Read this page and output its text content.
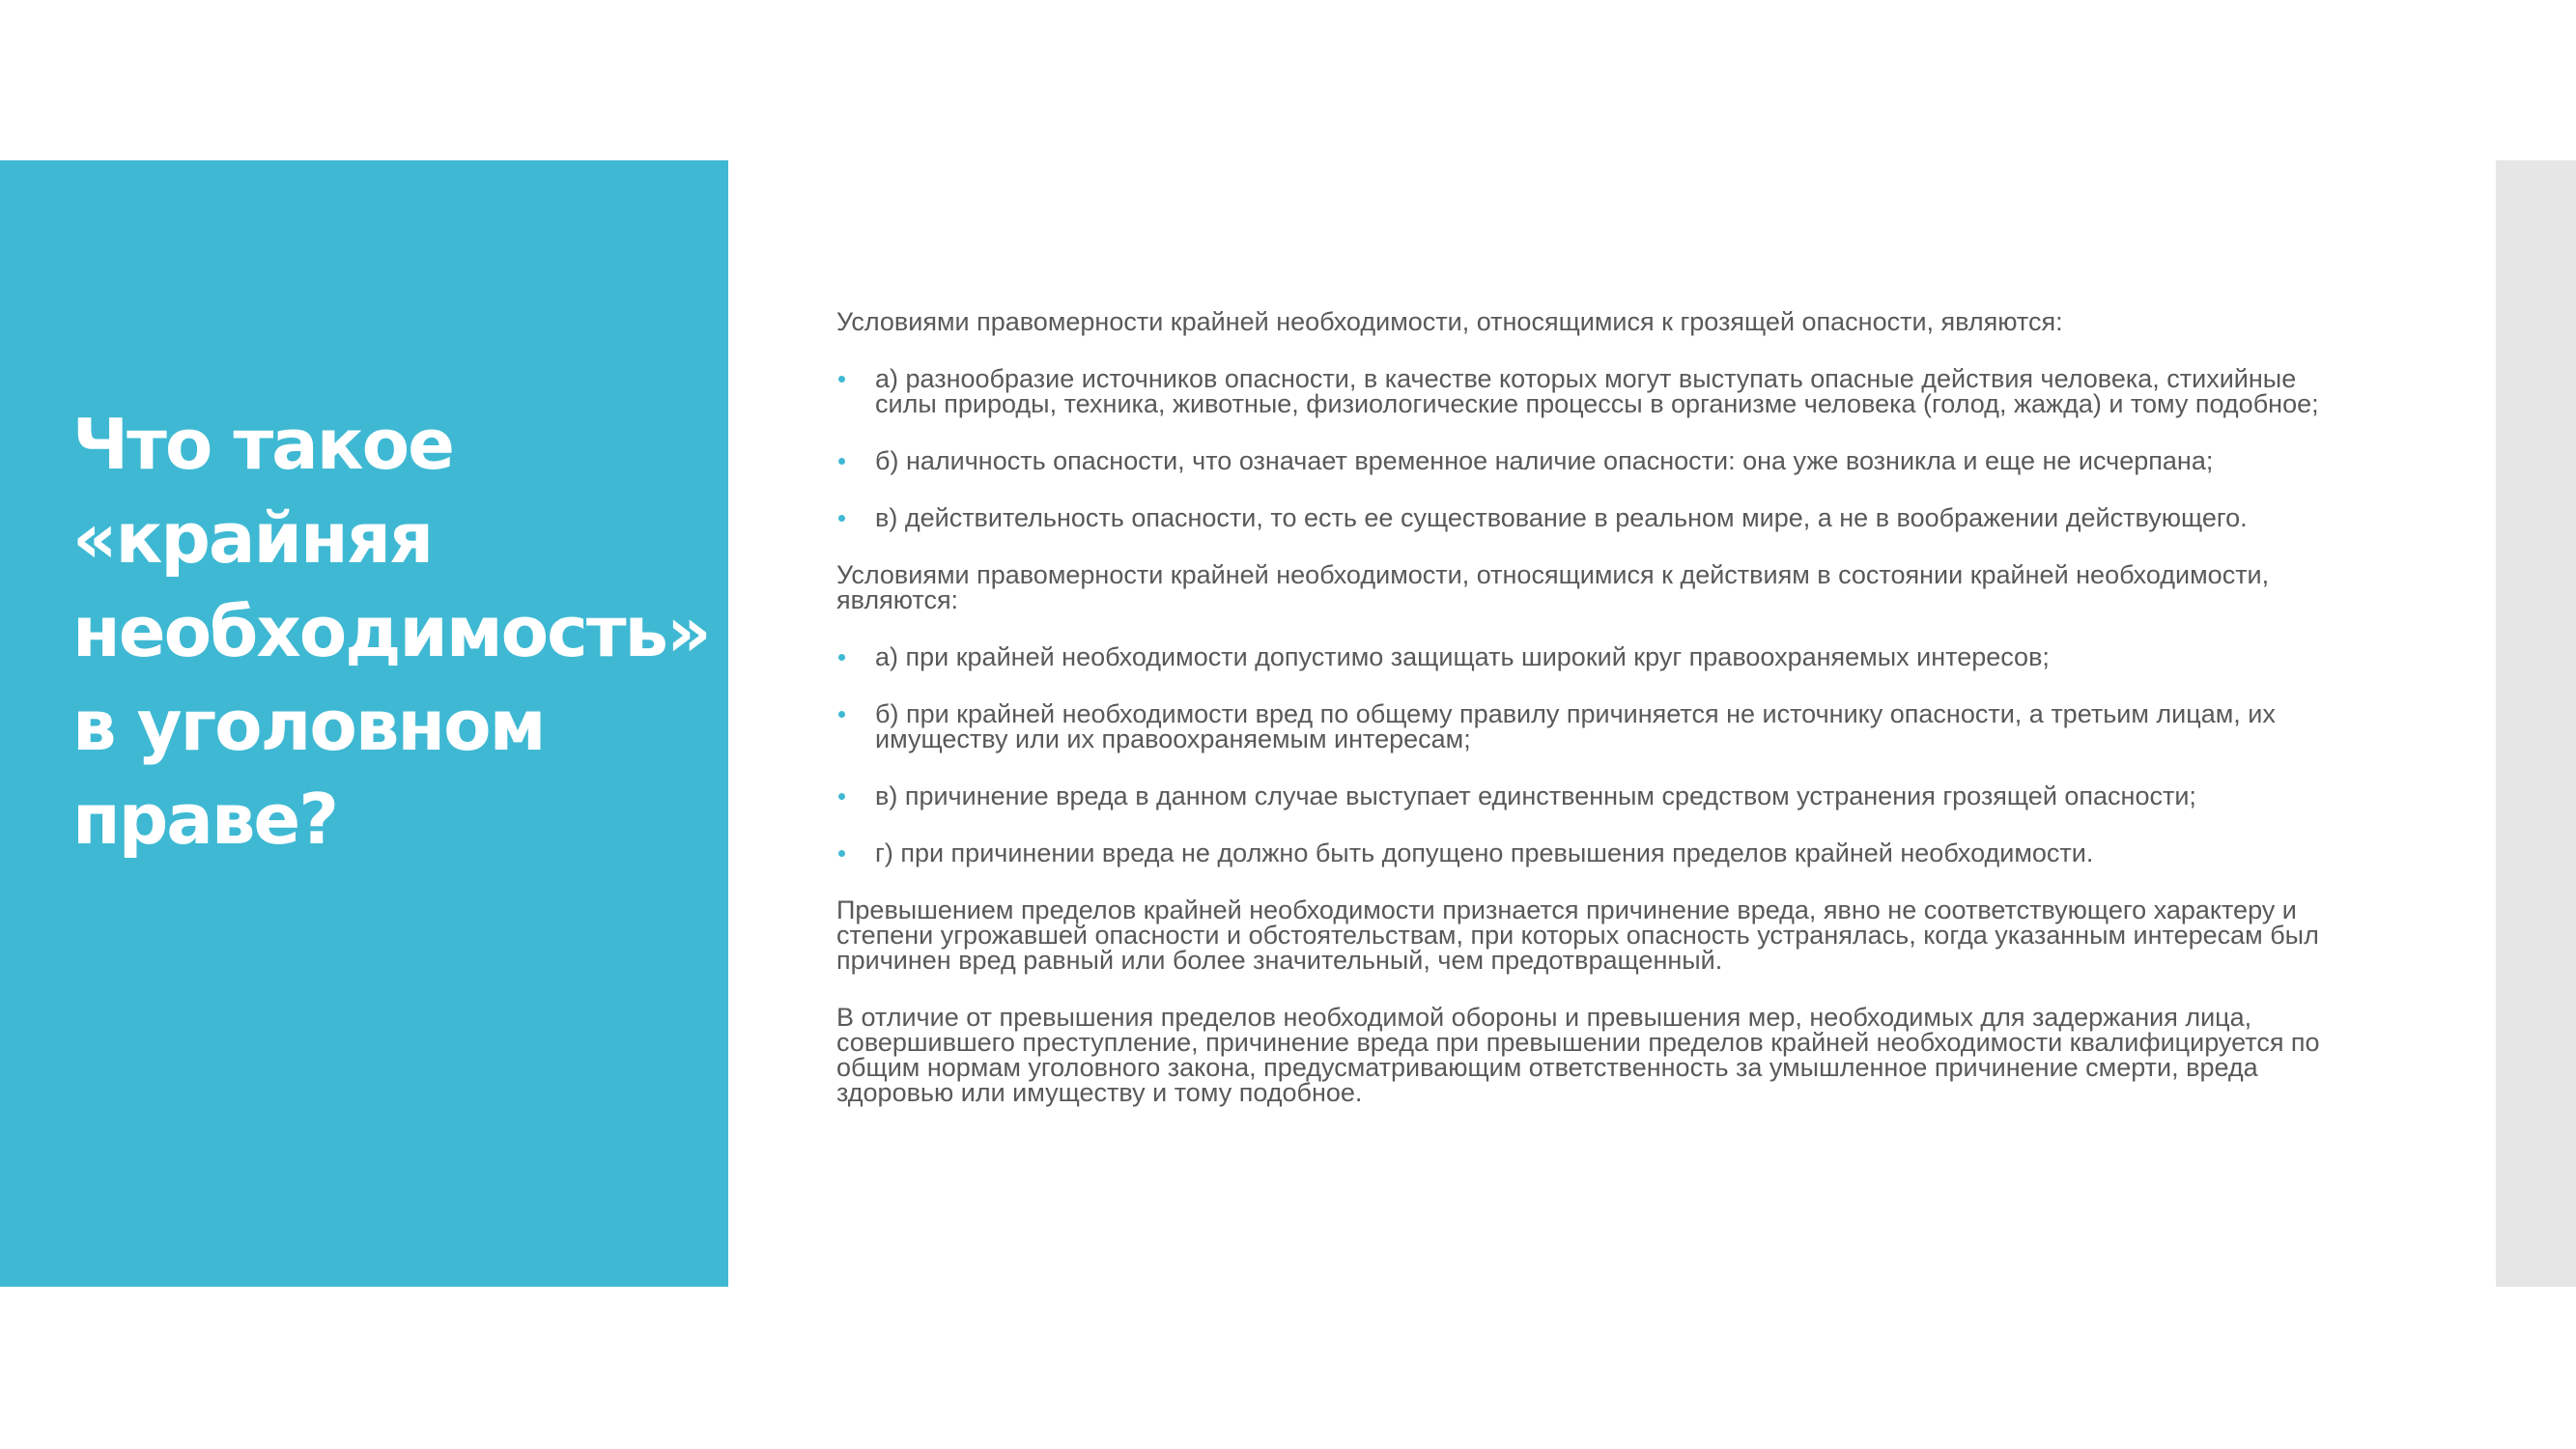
Что такое
«крайняя
необходимость»
в уголовном
праве?

Условиями правомерности крайней необходимости, относящимися к грозящей опасности, являются:

а) разнообразие источников опасности, в качестве которых могут выступать опасные действия человека, стихийные силы природы, техника, животные, физиологические процессы в организме человека (голод, жажда) и тому подобное;
б) наличность опасности, что означает временное наличие опасности: она уже возникла и еще не исчерпана;
в) действительность опасности, то есть ее существование в реальном мире, а не в воображении действующего.

Условиями правомерности крайней необходимости, относящимися к действиям в состоянии крайней необходимости, являются:

а) при крайней необходимости допустимо защищать широкий круг правоохраняемых интересов;
б) при крайней необходимости вред по общему правилу причиняется не источнику опасности, а третьим лицам, их имуществу или их правоохраняемым интересам;
в) причинение вреда в данном случае выступает единственным средством устранения грозящей опасности;
г) при причинении вреда не должно быть допущено превышения пределов крайней необходимости.

Превышением пределов крайней необходимости признается причинение вреда, явно не соответствующего характеру и степени угрожавшей опасности и обстоятельствам, при которых опасность устранялась, когда указанным интересам был причинен вред равный или более значительный, чем предотвращенный.

В отличие от превышения пределов необходимой обороны и превышения мер, необходимых для задержания лица, совершившего преступление, причинение вреда при превышении пределов крайней необходимости квалифицируется по общим нормам уголовного закона, предусматривающим ответственность за умышленное причинение смерти, вреда здоровью или имуществу и тому подобное.
